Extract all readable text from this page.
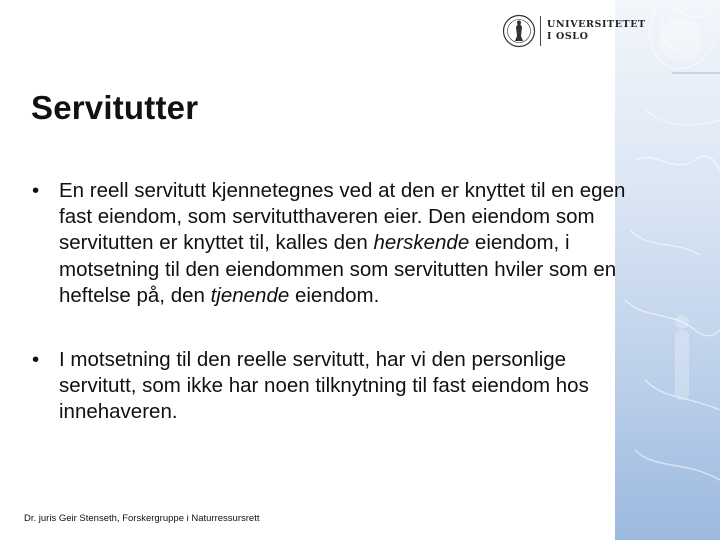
UNIVERSITETET
I OSLO
Servitutter
• En reell servitutt kjennetegnes ved at den er knyttet til en egen fast eiendom, som servitutthaveren eier. Den eiendom som servitutten er knyttet til, kalles den herskende eiendom, i motsetning til den eiendommen som servitutten hviler som en heftelse på, den tjenende eiendom.
• I motsetning til den reelle servitutt, har vi den personlige servitutt, som ikke har noen tilknytning til fast eiendom hos innehaveren.
Dr. juris Geir Stenseth, Forskergruppe i Naturressursrett
